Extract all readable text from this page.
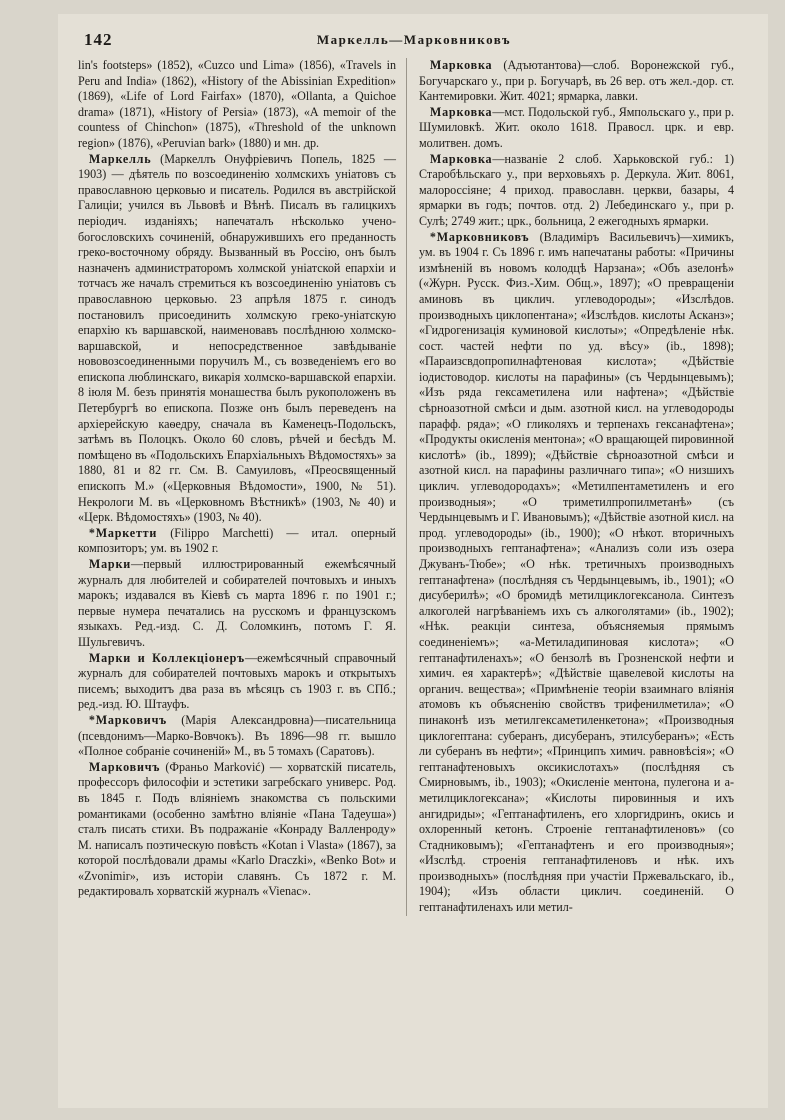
142	Маркелль—Марковниковъ

lin's footsteps» (1852), «Cuzco und Lima» (1856), «Travels in Peru and India» (1862), «History of the Abissinian Expedition» (1869), «Life of Lord Fairfax» (1870), «Ollanta, a Quichoe drama» (1871), «History of Persia» (1873), «A memoir of the countess of Chinchon» (1875), «Threshold of the unknown region» (1876), «Peruvian bark» (1880) и мн. др.

Маркелль (Маркеллъ Онуфріевичъ Попель, 1825 — 1903) — дѣятель по возсоединенію холмскихъ уніатовъ съ православною церковью и писатель. Родился въ австрійской Галиціи; учился въ Львовѣ и Вѣнѣ. Писалъ въ галицкихъ періодич. изданіяхъ; напечаталъ нѣсколько учено-богословскихъ сочиненій, обнаружившихъ его преданность греко-восточному обряду. Вызванный въ Россію, онъ былъ назначенъ администраторомъ холмской уніатской епархіи и тотчасъ же началъ стремиться къ возсоединенію уніатовъ съ православною церковью. 23 апрѣля 1875 г. синодъ постановилъ присоединить холмскую греко-уніатскую епархію къ варшавской, наименовавъ послѣднюю холмско-варшавской, и непосредственное завѣдываніе нововозсоединенными поручилъ М., съ возведеніемъ его во епископа люблинскаго, викарія холмско-варшавской епархіи. 8 іюля М. безъ принятія монашества былъ рукоположенъ въ Петербургѣ во епископа. Позже онъ былъ переведенъ на архіерейскую каѳедру, сначала въ Каменецъ-Подольскъ, затѣмъ въ Полоцкъ. Около 60 словъ, рѣчей и бесѣдъ М. помѣщено въ «Подольскихъ Епархіальныхъ Вѣдомостяхъ» за 1880, 81 и 82 гг. См. В. Самуиловъ, «Преосвященный епископъ М.» («Церковныя Вѣдомости», 1900, № 51). Некрологи М. въ «Церковномъ Вѣстникѣ» (1903, № 40) и «Церк. Вѣдомостяхъ» (1903, № 40).

*Маркетти (Filippo Marchetti) — итал. оперный композиторъ; ум. въ 1902 г.

Марки—первый иллюстрированный ежемѣсячный журналъ для любителей и собирателей почтовыхъ и иныхъ марокъ; издавался въ Кіевѣ съ марта 1896 г. по 1901 г.; первые нумера печатались на русскомъ и французскомъ языкахъ. Ред.-изд. С. Д. Соломкинъ, потомъ Г. Я. Шульгевичъ.

Марки и Коллекціонеръ—ежемѣсячный справочный журналъ для собирателей почтовыхъ марокъ и открытыхъ писемъ; выходитъ два раза въ мѣсяцъ съ 1903 г. въ СПб.; ред.-изд. Ю. Штауфъ.

*Марковичъ (Марія Александровна)—писательница (псевдонимъ—Марко-Вовчокъ). Въ 1896—98 гг. вышло «Полное собраніе сочиненій» М., въ 5 томахъ (Саратовъ).

Марковичъ (Франьо Marković) — хорватскій писатель, профессоръ философіи и эстетики загребскаго универс. Род. въ 1845 г. Подъ вліяніемъ знакомства съ польскими романтиками (особенно замѣтно вліяніе «Пана Тадеуша») сталъ писать стихи. Въ подражаніе «Конраду Валленроду» М. написалъ поэтическую повѣсть «Kotan i Vlasta» (1867), за которой послѣдовали драмы «Karlo Draczki», «Benko Bot» и «Zvonimir», изъ исторіи славянъ. Съ 1872 г. М. редактировалъ хорватскій журналъ «Vienac».

Марковка (Адъютантова)—слоб. Воронежской губ., Богучарскаго у., при р. Богучарѣ, въ 26 вер. отъ жел.-дор. ст. Кантемировки. Жит. 4021; ярмарка, лавки.

Марковка—мст. Подольской губ., Ямпольскаго у., при р. Шумиловкѣ. Жит. около 1618. Правосл. црк. и евр. молитвен. домъ.

Марковка—названіе 2 слоб. Харьковской губ.: 1) Старобѣльскаго у., при верховьяхъ р. Деркула. Жит. 8061, малороссіяне; 4 приход. православн. церкви, базары, 4 ярмарки въ годъ; почтов. отд. 2) Лебединскаго у., при р. Сулѣ; 2749 жит.; црк., больница, 2 ежегодныхъ ярмарки.

*Марковниковъ (Владиміръ Васильевичъ)—химикъ, ум. въ 1904 г. Съ 1896 г. имъ напечатаны работы: «Причины измѣненій въ новомъ колодцѣ Нарзана»; «Объ азелонѣ» («Журн. Русск. Физ.-Хим. Общ.», 1897); «О превращеніи аминовъ въ циклич. углеводороды»; «Изслѣдов. производныхъ циклопентана»; «Изслѣдов. кислоты Асканз»; «Гидрогенизація куминовой кислоты»; «Опредѣленіе нѣк. сост. частей нефти по уд. вѣсу» (ib., 1898); «Параизсвдопропилнафтеновая кислота»; «Дѣйствіе іодистоводор. кислоты на парафины» (съ Чердынцевымъ); «Изъ ряда гексаметилена или нафтена»; «Дѣйствіе сѣрноазотной смѣси и дым. азотной кисл. на углеводороды парафф. ряда»; «О гликоляхъ и терпенахъ гексанафтена»; «Продукты окисленія ментона»; «О вращающей пировинной кислотѣ» (ib., 1899); «Дѣйствіе сѣрноазотной смѣси и азотной кисл. на парафины различнаго типа»; «О низшихъ циклич. углеводородахъ»; «Метилпентаметиленъ и его производныя»; «О триметилпропилметанѣ» (съ Чердынцевымъ и Г. Ивановымъ); «Дѣйствіе азотной кисл. на прод. углеводороды» (ib., 1900); «О нѣкот. вторичныхъ производныхъ гептанафтена»; «Анализъ соли изъ озера Джуванъ-Тюбе»; «О нѣк. третичныхъ производныхъ гептанафтена» (послѣдняя съ Чердынцевымъ, ib., 1901); «О дисуберилѣ»; «О бромидѣ метилциклогексанола. Синтезъ алкоголей нагрѣваніемъ ихъ съ алкоголятами» (ib., 1902); «Нѣк. реакціи синтеза, объясняемыя прямымъ соединеніемъ»; «a-Метиладипиновая кислота»; «О гептанафтиленахъ»; «О бензолѣ въ Грозненской нефти и химич. ея характерѣ»; «Дѣйствіе щавелевой кислоты на органич. вещества»; «Примѣненіе теоріи взаимнаго вліянія атомовъ къ объясненію свойствъ трифенилметила»; «О пинаконѣ изъ метилгексаметиленкетона»; «Производныя циклогептана: суберанъ, дисуберанъ, этилсуберанъ»; «Есть ли суберанъ въ нефти»; «Принципъ химич. равновѣсія»; «О гептанафтеновыхъ оксикислотахъ» (послѣдняя съ Смирновымъ, ib., 1903); «Окисленіе ментона, пулегона и a-метилциклогексана»; «Кислоты пировинныя и ихъ ангидриды»; «Гептанафтиленъ, его хлоргидринъ, окись и охлоренный кетонъ. Строеніе гептанафтиленовъ» (со Стадниковымъ); «Гептанафтенъ и его производныя»; «Изслѣд. строенія гептанафтиленовъ и нѣк. ихъ производныхъ» (послѣдняя при участіи Пржевальскаго, ib., 1904); «Изъ области циклич. соединеній. О гептанафтиленахъ или метил-
